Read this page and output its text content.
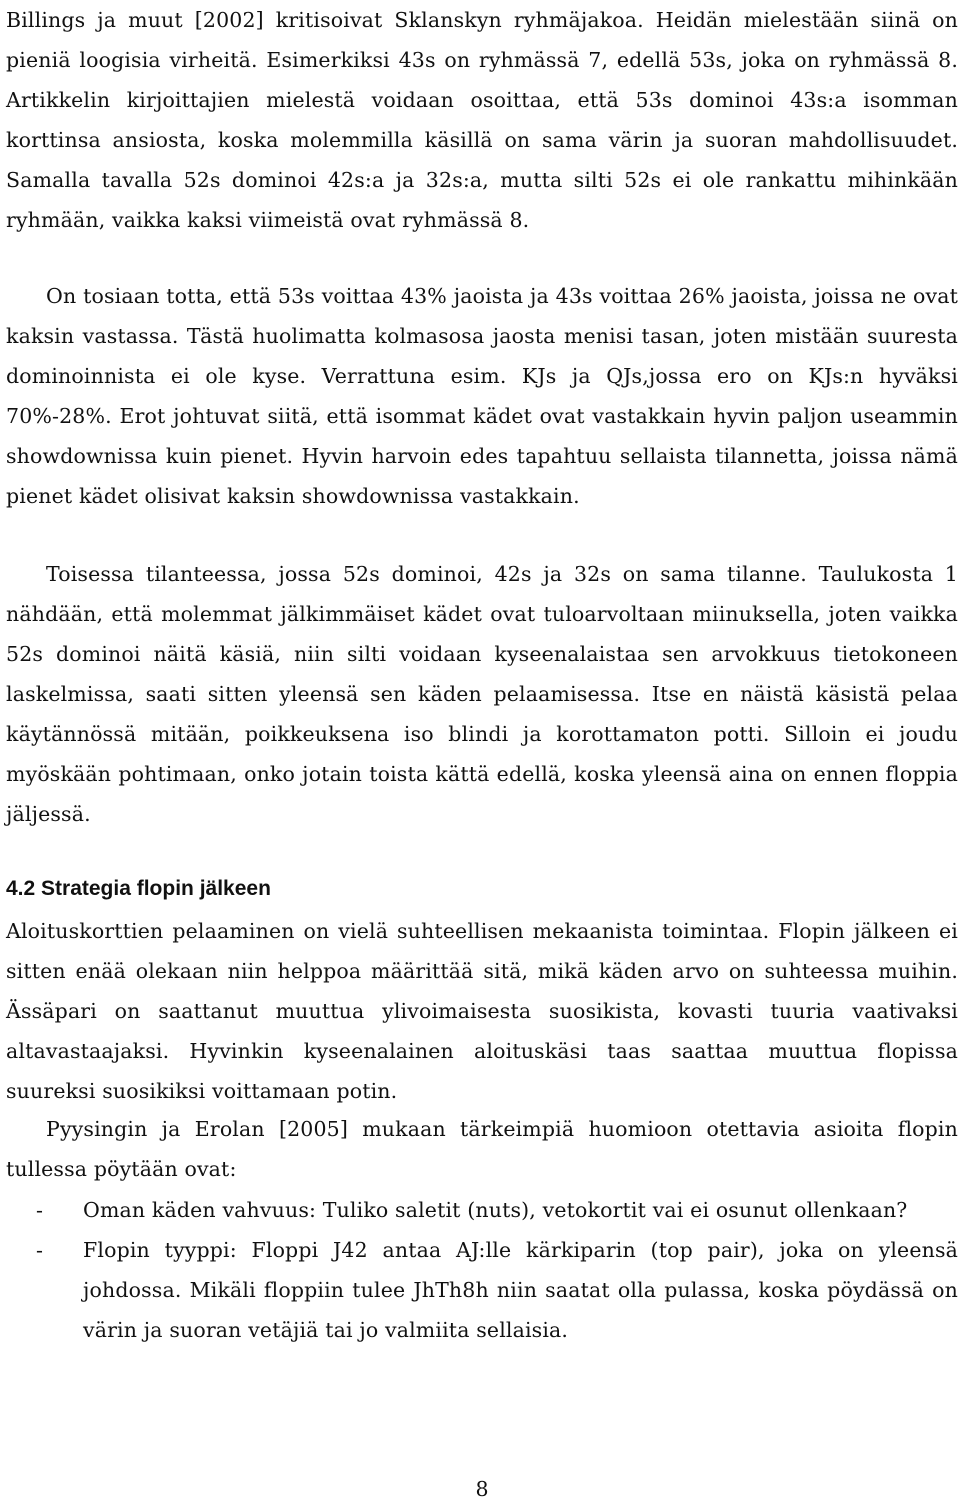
Billings ja muut [2002] kritisoivat Sklanskyn ryhmäjakoa. Heidän mielestään siinä on pieniä loogisia virheitä. Esimerkiksi 43s on ryhmässä 7, edellä 53s, joka on ryhmässä 8. Artikkelin kirjoittajien mielestä voidaan osoittaa, että 53s dominoi 43s:a isomman korttinsa ansiosta, koska molemmilla käsillä on sama värin ja suoran mahdollisuudet. Samalla tavalla 52s dominoi 42s:a ja 32s:a, mutta silti 52s ei ole rankattu mihinkään ryhmään, vaikka kaksi viimeistä ovat ryhmässä 8.

On tosiaan totta, että 53s voittaa 43% jaoista ja 43s voittaa 26% jaoista, joissa ne ovat kaksin vastassa. Tästä huolimatta kolmasosa jaosta menisi tasan, joten mistään suuresta dominoinnista ei ole kyse. Verrattuna esim. KJs ja QJs,jossa ero on KJs:n hyväksi 70%-28%. Erot johtuvat siitä, että isommat kädet ovat vastakkain hyvin paljon useammin showdownissa kuin pienet. Hyvin harvoin edes tapahtuu sellaista tilannetta, joissa nämä pienet kädet olisivat kaksin showdownissa vastakkain.

Toisessa tilanteessa, jossa 52s dominoi, 42s ja 32s on sama tilanne. Taulukosta 1 nähdään, että molemmat jälkimmäiset kädet ovat tuloarvoltaan miinuksella, joten vaikka 52s dominoi näitä käsiä, niin silti voidaan kyseenalaistaa sen arvokkuus tietokoneen laskelmissa, saati sitten yleensä sen käden pelaamisessa. Itse en näistä käsistä pelaa käytännössä mitään, poikkeuksena iso blindi ja korottamaton potti. Silloin ei joudu myöskään pohtimaan, onko jotain toista kättä edellä, koska yleensä aina on ennen floppia jäljessä.

4.2 Strategia flopin jälkeen

Aloituskorttien pelaaminen on vielä suhteellisen mekaanista toimintaa. Flopin jälkeen ei sitten enää olekaan niin helppoa määrittää sitä, mikä käden arvo on suhteessa muihin. Ässäpari on saattanut muuttua ylivoimaisesta suosikista, kovasti tuuria vaativaksi altavastaajaksi. Hyvinkin kyseenalainen aloituskäsi taas saattaa muuttua flopissa suureksi suosikiksi voittamaan potin.

Pyysingin ja Erolan [2005] mukaan tärkeimpiä huomioon otettavia asioita flopin tullessa pöytään ovat:

- Oman käden vahvuus: Tuliko saletit (nuts), vetokortit vai ei osunut ollenkaan?
- Flopin tyyppi: Floppi J42 antaa AJ:lle kärkiparin (top pair), joka on yleensä johdossa. Mikäli floppiin tulee JhTh8h niin saatat olla pulassa, koska pöydässä on värin ja suoran vetäjiä tai jo valmiita sellaisia.
8
